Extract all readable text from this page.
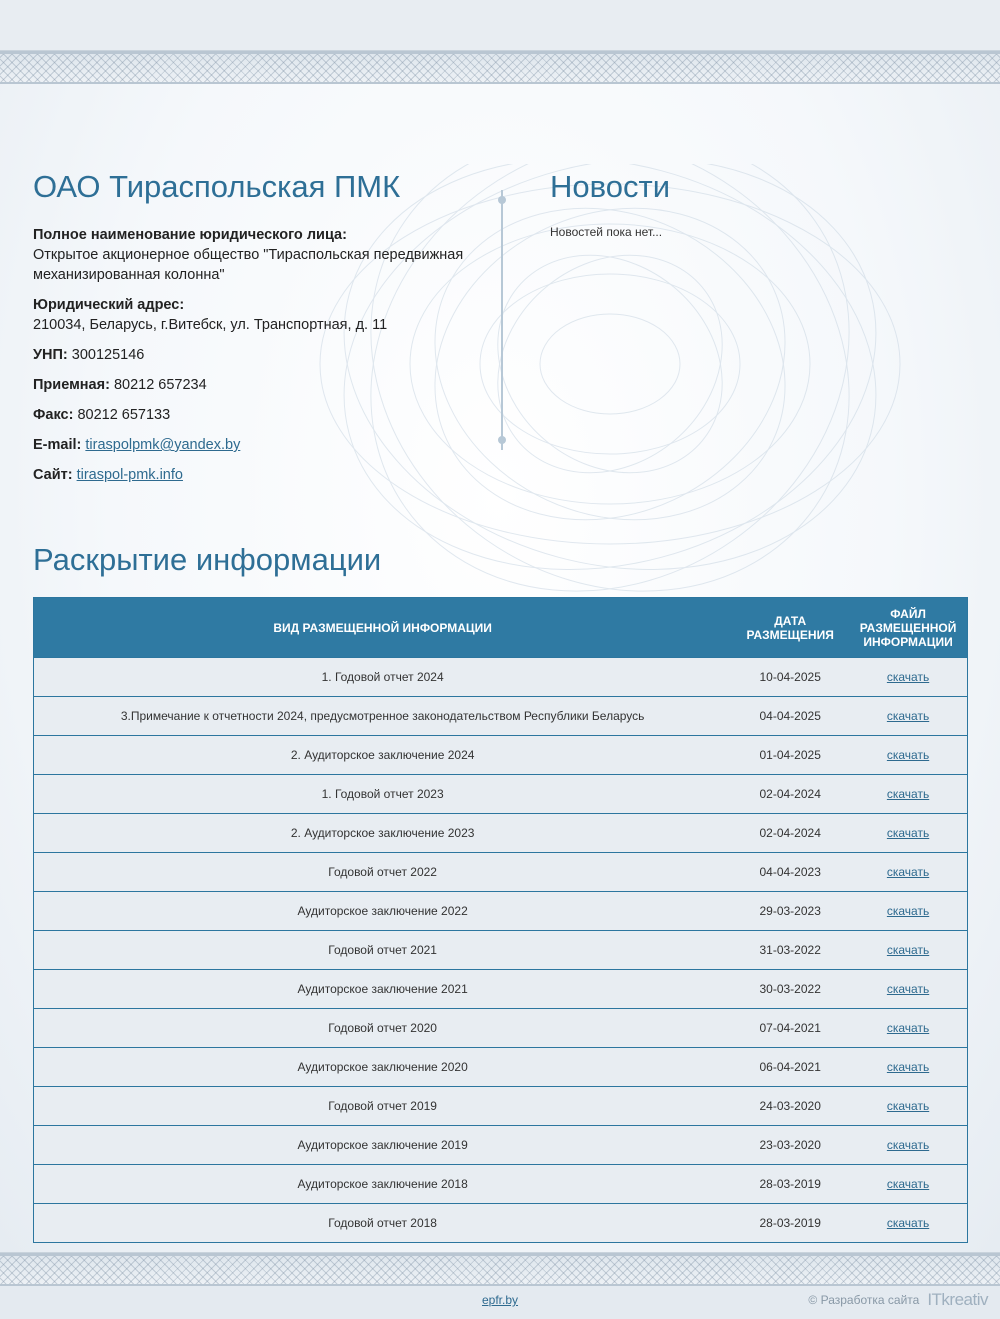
ОАО Тираспольская ПМК

Полное наименование юридического лица:
Открытое акционерное общество "Тираспольская передвижная механизированная колонна"

Юридический адрес:
210034, Беларусь, г.Витебск, ул. Транспортная, д. 11

УНП: 300125146

Приемная: 80212 657234

Факс: 80212 657133

E-mail: tiraspolpmk@yandex.by

Сайт: tiraspol-pmk.info

Новости
Новостей пока нет...
Раскрытие информации
ВИД РАЗМЕЩЕННОЙ ИНФОРМАЦИИ	ДАТА РАЗМЕЩЕНИЯ	ФАЙЛ РАЗМЕЩЕННОЙ ИНФОРМАЦИИ
1. Годовой отчет 2024	10-04-2025	скачать
3.Примечание к отчетности 2024, предусмотренное законодательством Республики Беларусь	04-04-2025	скачать
2. Аудиторское заключение 2024	01-04-2025	скачать
1. Годовой отчет 2023	02-04-2024	скачать
2. Аудиторское заключение 2023	02-04-2024	скачать
Годовой отчет 2022	04-04-2023	скачать
Аудиторское заключение 2022	29-03-2023	скачать
Годовой отчет 2021	31-03-2022	скачать
Аудиторское заключение 2021	30-03-2022	скачать
Годовой отчет 2020	07-04-2021	скачать
Аудиторское заключение 2020	06-04-2021	скачать
Годовой отчет 2019	24-03-2020	скачать
Аудиторское заключение 2019	23-03-2020	скачать
Аудиторское заключение 2018	28-03-2019	скачать
Годовой отчет 2018	28-03-2019	скачать
epfr.by	© Разработка сайта ITkreativ
